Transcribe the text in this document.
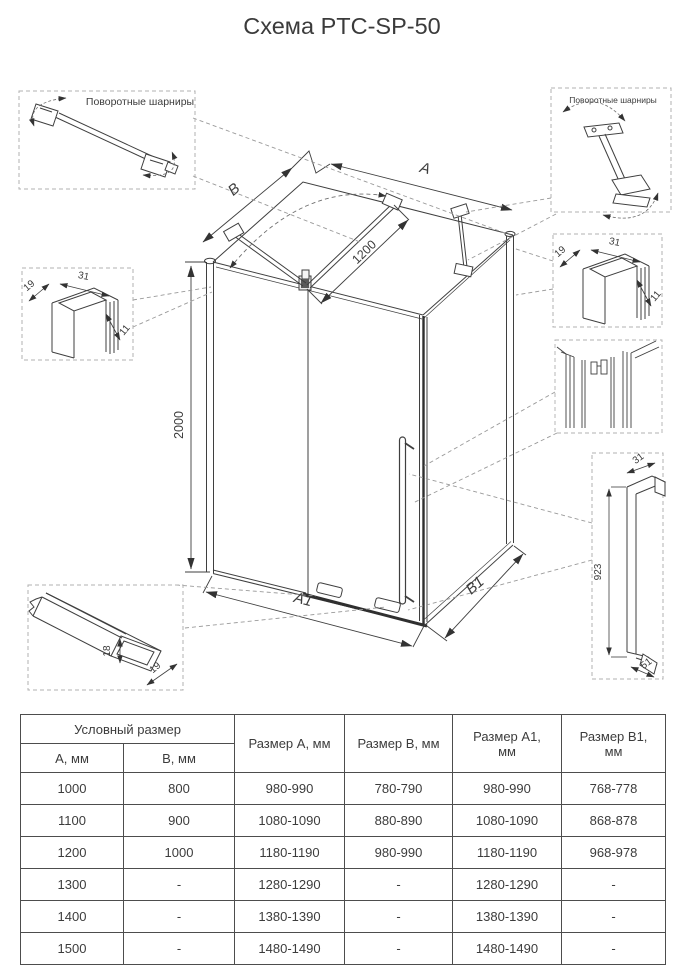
Схема PTC-SP-50
B
A
1200
2000
A1
B1
Поворотные шарниры	Поворотные шарниры
19
31
11
19
31
11
31
923
51
18
19
Условный размер		Размер А, мм	Размер В, мм	Размер А1, мм	Размер В1, мм
А, мм	В, мм				
1000	800	980-990	780-790	980-990	768-778
1100	900	1080-1090	880-890	1080-1090	868-878
1200	1000	1180-1190	980-990	1180-1190	968-978
1300	-	1280-1290	-	1280-1290	-
1400	-	1380-1390	-	1380-1390	-
1500	-	1480-1490	-	1480-1490	-
